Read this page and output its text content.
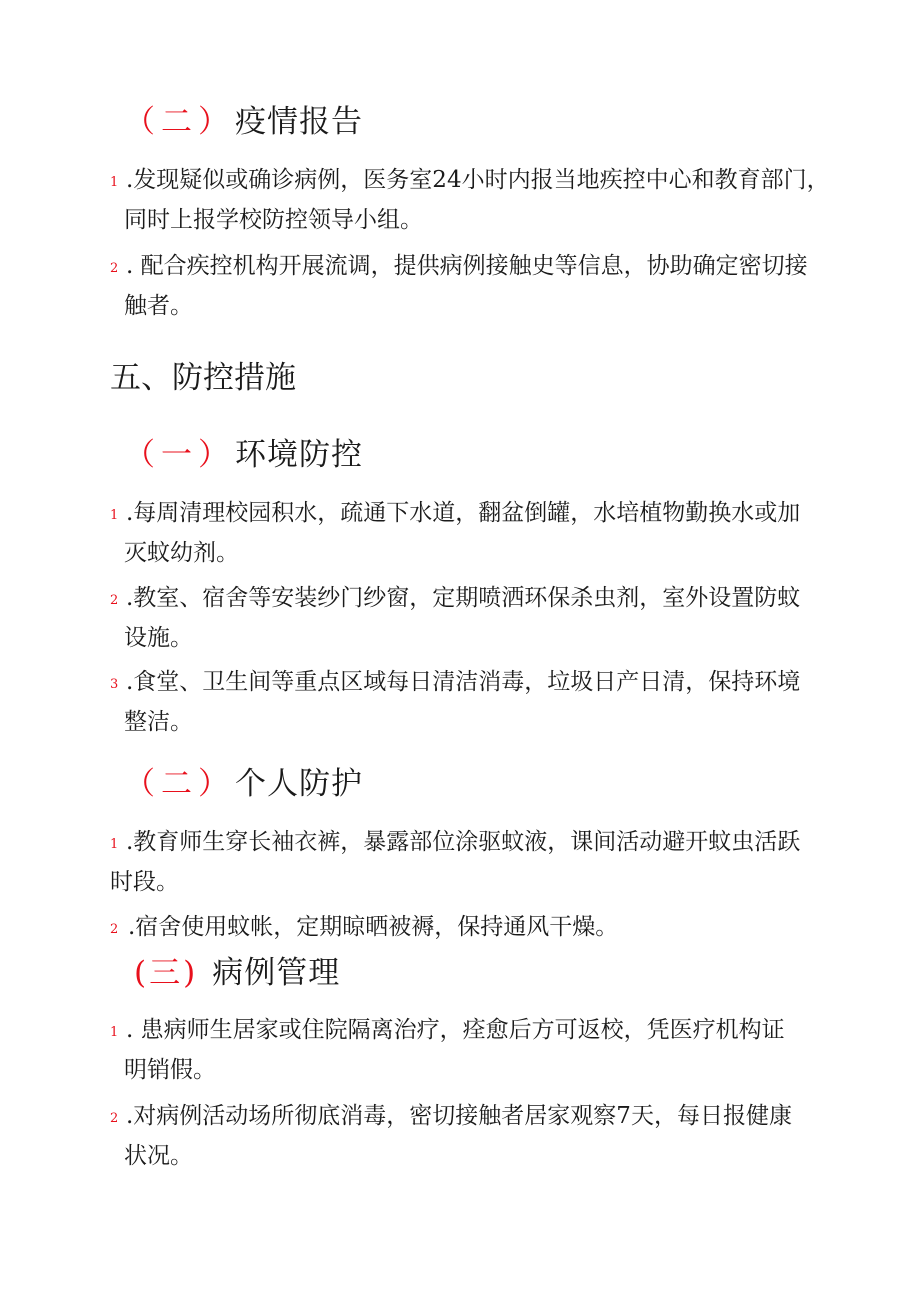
（二）疫情报告
1 .发现疑似或确诊病例，医务室24小时内报当地疾控中心和教育部门，
同时上报学校防控领导小组。
2 . 配合疾控机构开展流调，提供病例接触史等信息，协助确定密切接
触者。
五、防控措施
（一）环境防控
1 .每周清理校园积水，疏通下水道，翻盆倒罐，水培植物勤换水或加
灭蚊幼剂。
2 .教室、宿舍等安装纱门纱窗，定期喷洒环保杀虫剂，室外设置防蚊
设施。
3 .食堂、卫生间等重点区域每日清洁消毒，垃圾日产日清，保持环境
整洁。
（二）个人防护
1 .教育师生穿长袖衣裤，暴露部位涂驱蚊液，课间活动避开蚊虫活跃
时段。
2 .宿舍使用蚊帐，定期晾晒被褥，保持通风干燥。
(三) 病例管理
1 . 患病师生居家或住院隔离治疗，痊愈后方可返校，凭医疗机构证
明销假。
2 .对病例活动场所彻底消毒，密切接触者居家观察7天，每日报健康
状况。
